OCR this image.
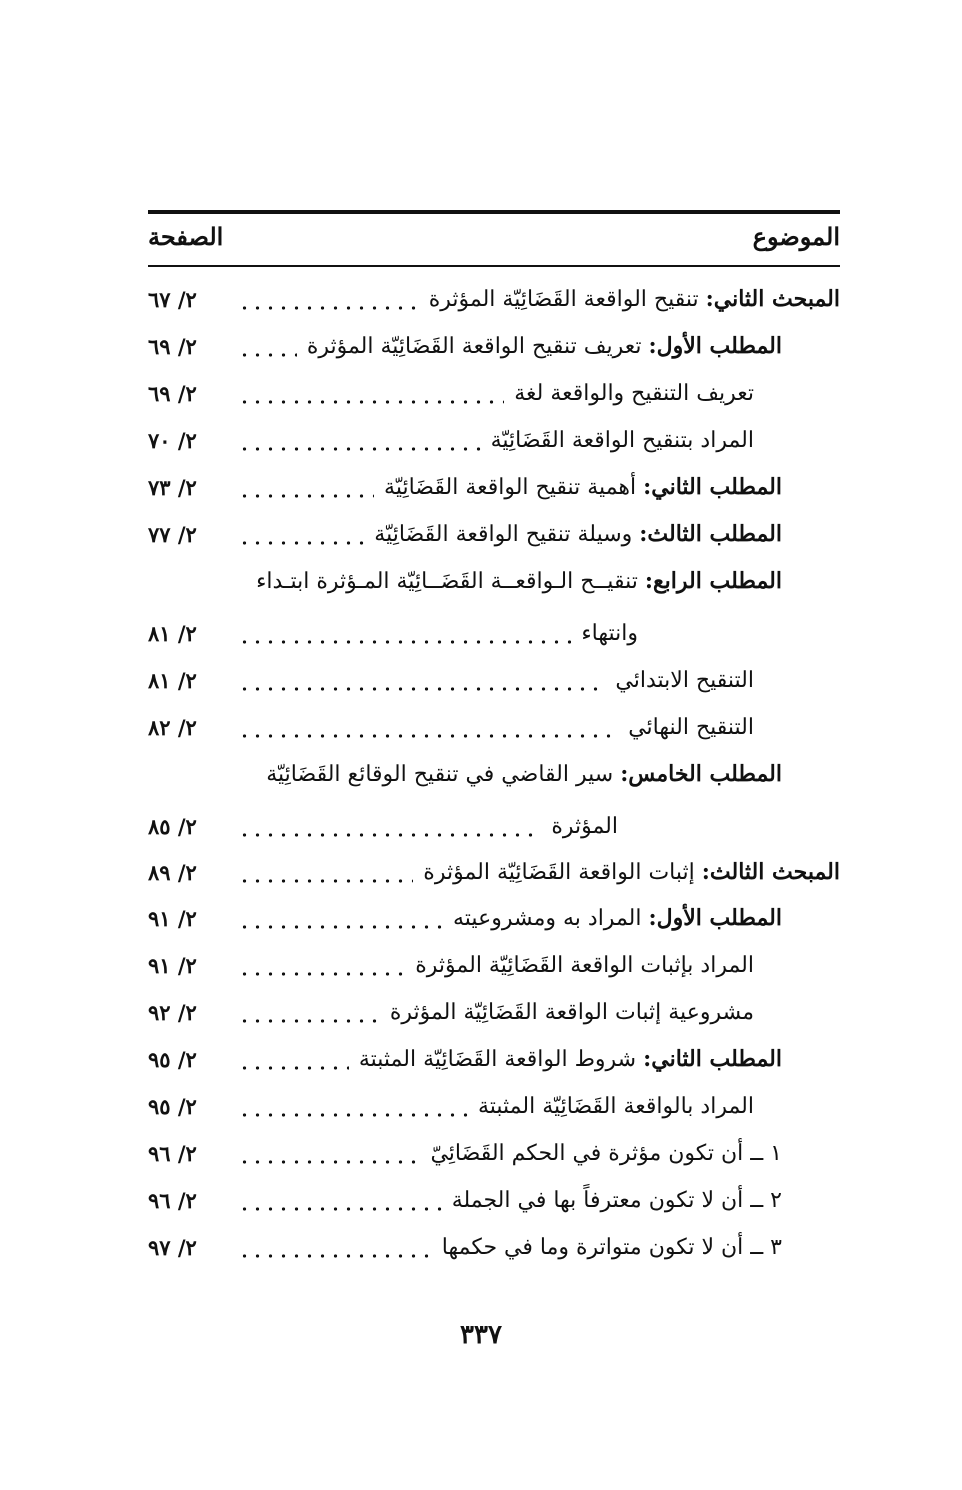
الموضوع
الصفحة
المبحث الثاني: تنقيح الواقعة القَضَائِيّة المؤثرة
٢/ ٦٧
المطلب الأول: تعريف تنقيح الواقعة القَضَائِيّة المؤثرة
٢/ ٦٩
تعريف التنقيح والواقعة لغة
٢/ ٦٩
المراد بتنقيح الواقعة القَضَائِيّة
٢/ ٧٠
المطلب الثاني: أهمية تنقيح الواقعة القَضَائِيّة
٢/ ٧٣
المطلب الثالث: وسيلة تنقيح الواقعة القَضَائِيّة
٢/ ٧٧
المطلب الرابع: تنقيــح الـواقعــة القَضَــائِيّة المـؤثرة ابتـداء
وانتهاء
٢/ ٨١
التنقيح الابتدائي
٢/ ٨١
التنقيح النهائي
٢/ ٨٢
المطلب الخامس: سير القاضي في تنقيح الوقائع القَضَائِيّة
المؤثرة
٢/ ٨٥
المبحث الثالث: إثبات الواقعة القَضَائِيّة المؤثرة
٢/ ٨٩
المطلب الأول: المراد به ومشروعيته
٢/ ٩١
المراد بإثبات الواقعة القَضَائِيّة المؤثرة
٢/ ٩١
مشروعية إثبات الواقعة القَضَائِيّة المؤثرة
٢/ ٩٢
المطلب الثاني: شروط الواقعة القَضَائِيّة المثبتة
٢/ ٩٥
المراد بالواقعة القَضَائِيّة المثبتة
٢/ ٩٥
١ ــ أن تكون مؤثرة في الحكم القَضَائِيّ
٢/ ٩٦
٢ ــ أن لا تكون معترفاً بها في الجملة
٢/ ٩٦
٣ ــ أن لا تكون متواترة وما في حكمها
٢/ ٩٧
٣٣٧
